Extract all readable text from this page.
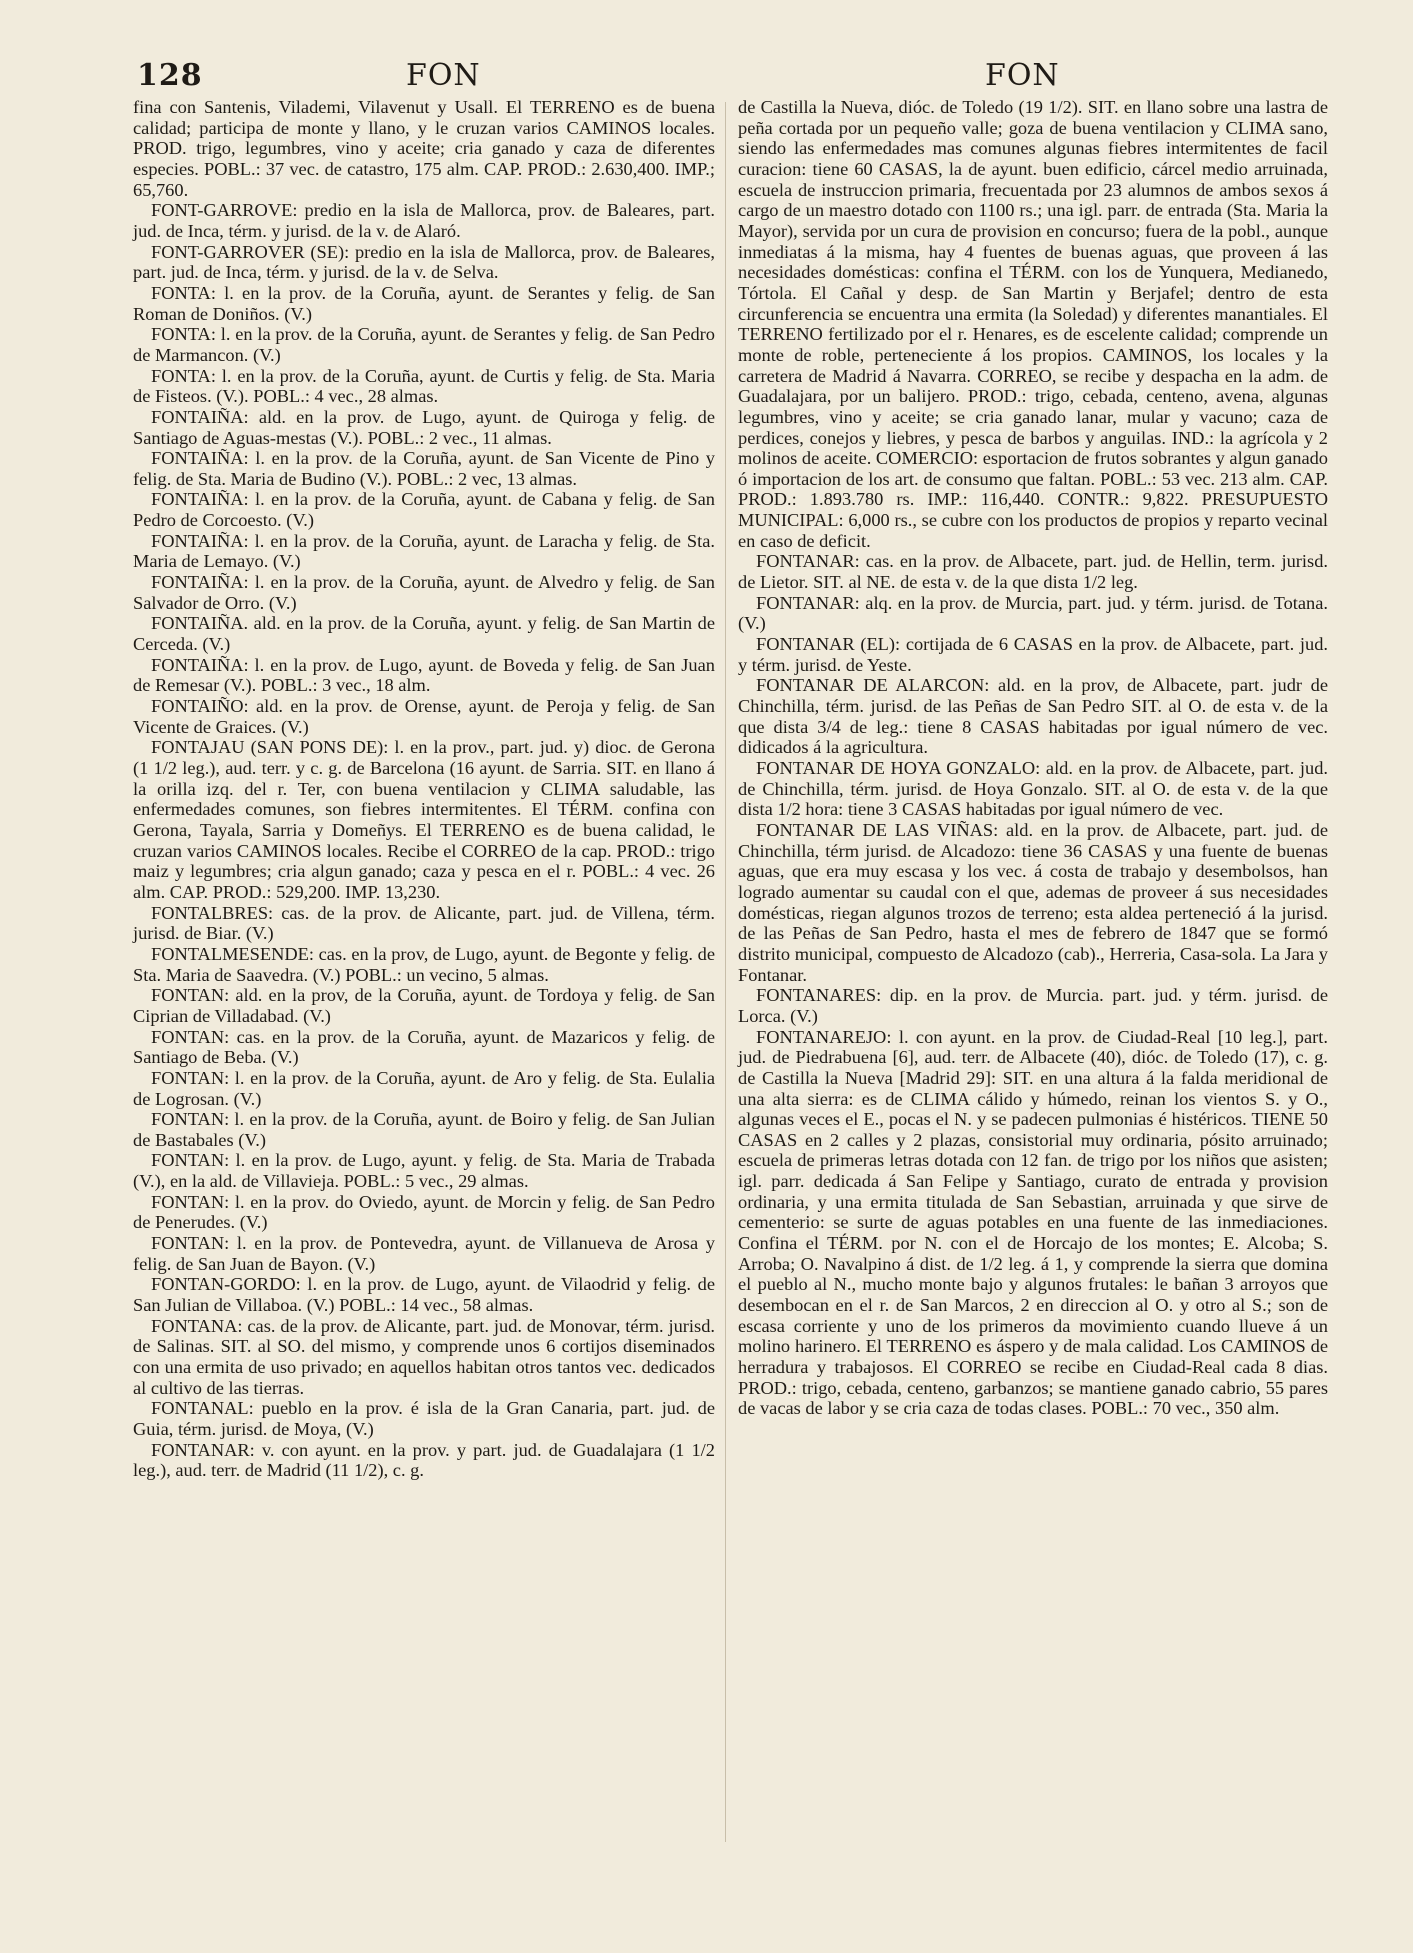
128	FON	FON

fina con Santenis, Vilademi, Vilavenut y Usall. El TERRENO es de buena calidad; participa de monte y llano, y le cruzan varios CAMINOS locales. PROD. trigo, legumbres, vino y aceite; cria ganado y caza de diferentes especies. POBL.: 37 vec. de catastro, 175 alm. CAP. PROD.: 2.630,400. IMP.; 65,760.

FONT-GARROVE: predio en la isla de Mallorca, prov. de Baleares, part. jud. de Inca, térm. y jurisd. de la v. de Alaró.

FONT-GARROVER (SE): predio en la isla de Mallorca, prov. de Baleares, part. jud. de Inca, térm. y jurisd. de la v. de Selva.

FONTA: l. en la prov. de la Coruña, ayunt. de Serantes y felig. de San Roman de Doniños. (V.)

FONTA: l. en la prov. de la Coruña, ayunt. de Serantes y felig. de San Pedro de Marmancon. (V.)

FONTA: l. en la prov. de la Coruña, ayunt. de Curtis y felig. de Sta. Maria de Fisteos. (V.). POBL.: 4 vec., 28 almas.

FONTAIÑA: ald. en la prov. de Lugo, ayunt. de Quiroga y felig. de Santiago de Aguas-mestas (V.). POBL.: 2 vec., 11 almas.

FONTAIÑA: l. en la prov. de la Coruña, ayunt. de San Vicente de Pino y felig. de Sta. Maria de Budino (V.). POBL.: 2 vec, 13 almas.

FONTAIÑA: l. en la prov. de la Coruña, ayunt. de Cabana y felig. de San Pedro de Corcoesto. (V.)

FONTAIÑA: l. en la prov. de la Coruña, ayunt. de Laracha y felig. de Sta. Maria de Lemayo. (V.)

FONTAIÑA: l. en la prov. de la Coruña, ayunt. de Alvedro y felig. de San Salvador de Orro. (V.)

FONTAIÑA. ald. en la prov. de la Coruña, ayunt. y felig. de San Martin de Cerceda. (V.)

FONTAIÑA: l. en la prov. de Lugo, ayunt. de Boveda y felig. de San Juan de Remesar (V.). POBL.: 3 vec., 18 alm.

FONTAIÑO: ald. en la prov. de Orense, ayunt. de Peroja y felig. de San Vicente de Graices. (V.)

FONTAJAU (SAN PONS DE): l. en la prov., part. jud. y) dioc. de Gerona (1 1/2 leg.), aud. terr. y c. g. de Barcelona (16 ayunt. de Sarria. SIT. en llano á la orilla izq. del r. Ter, con buena ventilacion y CLIMA saludable, las enfermedades comunes, son fiebres intermitentes. El TÉRM. confina con Gerona, Tayala, Sarria y Domeñys. El TERRENO es de buena calidad, le cruzan varios CAMINOS locales. Recibe el CORREO de la cap. PROD.: trigo maiz y legumbres; cria algun ganado; caza y pesca en el r. POBL.: 4 vec. 26 alm. CAP. PROD.: 529,200. IMP. 13,230.

FONTALBRES: cas. de la prov. de Alicante, part. jud. de Villena, térm. jurisd. de Biar. (V.)

FONTALMESENDE: cas. en la prov, de Lugo, ayunt. de Begonte y felig. de Sta. Maria de Saavedra. (V.) POBL.: un vecino, 5 almas.

FONTAN: ald. en la prov, de la Coruña, ayunt. de Tordoya y felig. de San Ciprian de Villadabad. (V.)

FONTAN: cas. en la prov. de la Coruña, ayunt. de Mazaricos y felig. de Santiago de Beba. (V.)

FONTAN: l. en la prov. de la Coruña, ayunt. de Aro y felig. de Sta. Eulalia de Logrosan. (V.)

FONTAN: l. en la prov. de la Coruña, ayunt. de Boiro y felig. de San Julian de Bastabales (V.)

FONTAN: l. en la prov. de Lugo, ayunt. y felig. de Sta. Maria de Trabada (V.), en la ald. de Villavieja. POBL.: 5 vec., 29 almas.

FONTAN: l. en la prov. do Oviedo, ayunt. de Morcin y felig. de San Pedro de Penerudes. (V.)

FONTAN: l. en la prov. de Pontevedra, ayunt. de Villanueva de Arosa y felig. de San Juan de Bayon. (V.)

FONTAN-GORDO: l. en la prov. de Lugo, ayunt. de Vilaodrid y felig. de San Julian de Villaboa. (V.) POBL.: 14 vec., 58 almas.

FONTANA: cas. de la prov. de Alicante, part. jud. de Monovar, térm. jurisd. de Salinas. SIT. al SO. del mismo, y comprende unos 6 cortijos diseminados con una ermita de uso privado; en aquellos habitan otros tantos vec. dedicados al cultivo de las tierras.

FONTANAL: pueblo en la prov. é isla de la Gran Canaria, part. jud. de Guia, térm. jurisd. de Moya, (V.)

FONTANAR: v. con ayunt. en la prov. y part. jud. de Guadalajara (1 1/2 leg.), aud. terr. de Madrid (11 1/2), c. g.

de Castilla la Nueva, dióc. de Toledo (19 1/2). SIT. en llano sobre una lastra de peña cortada por un pequeño valle; goza de buena ventilacion y CLIMA sano, siendo las enfermedades mas comunes algunas fiebres intermitentes de facil curacion: tiene 60 CASAS, la de ayunt. buen edificio, cárcel medio arruinada, escuela de instruccion primaria, frecuentada por 23 alumnos de ambos sexos á cargo de un maestro dotado con 1100 rs.; una igl. parr. de entrada (Sta. Maria la Mayor), servida por un cura de provision en concurso; fuera de la pobl., aunque inmediatas á la misma, hay 4 fuentes de buenas aguas, que proveen á las necesidades domésticas: confina el TÉRM. con los de Yunquera, Medianedo, Tórtola. El Cañal y desp. de San Martin y Berjafel; dentro de esta circunferencia se encuentra una ermita (la Soledad) y diferentes manantiales. El TERRENO fertilizado por el r. Henares, es de escelente calidad; comprende un monte de roble, perteneciente á los propios. CAMINOS, los locales y la carretera de Madrid á Navarra. CORREO, se recibe y despacha en la adm. de Guadalajara, por un balijero. PROD.: trigo, cebada, centeno, avena, algunas legumbres, vino y aceite; se cria ganado lanar, mular y vacuno; caza de perdices, conejos y liebres, y pesca de barbos y anguilas. IND.: la agrícola y 2 molinos de aceite. COMERCIO: esportacion de frutos sobrantes y algun ganado ó importacion de los art. de consumo que faltan. POBL.: 53 vec. 213 alm. CAP. PROD.: 1.893.780 rs. IMP.: 116,440. CONTR.: 9,822. PRESUPUESTO MUNICIPAL: 6,000 rs., se cubre con los productos de propios y reparto vecinal en caso de deficit.

FONTANAR: cas. en la prov. de Albacete, part. jud. de Hellin, term. jurisd. de Lietor. SIT. al NE. de esta v. de la que dista 1/2 leg.

FONTANAR: alq. en la prov. de Murcia, part. jud. y térm. jurisd. de Totana. (V.)

FONTANAR (EL): cortijada de 6 CASAS en la prov. de Albacete, part. jud. y térm. jurisd. de Yeste.

FONTANAR DE ALARCON: ald. en la prov, de Albacete, part. judr de Chinchilla, térm. jurisd. de las Peñas de San Pedro SIT. al O. de esta v. de la que dista 3/4 de leg.: tiene 8 CASAS habitadas por igual número de vec. didicados á la agricultura.

FONTANAR DE HOYA GONZALO: ald. en la prov. de Albacete, part. jud. de Chinchilla, térm. jurisd. de Hoya Gonzalo. SIT. al O. de esta v. de la que dista 1/2 hora: tiene 3 CASAS habitadas por igual número de vec.

FONTANAR DE LAS VIÑAS: ald. en la prov. de Albacete, part. jud. de Chinchilla, térm jurisd. de Alcadozo: tiene 36 CASAS y una fuente de buenas aguas, que era muy escasa y los vec. á costa de trabajo y desembolsos, han logrado aumentar su caudal con el que, ademas de proveer á sus necesidades domésticas, riegan algunos trozos de terreno; esta aldea perteneció á la jurisd. de las Peñas de San Pedro, hasta el mes de febrero de 1847 que se formó distrito municipal, compuesto de Alcadozo (cab)., Herreria, Casa-sola. La Jara y Fontanar.

FONTANARES: dip. en la prov. de Murcia. part. jud. y térm. jurisd. de Lorca. (V.)

FONTANAREJO: l. con ayunt. en la prov. de Ciudad-Real [10 leg.], part. jud. de Piedrabuena [6], aud. terr. de Albacete (40), dióc. de Toledo (17), c. g. de Castilla la Nueva [Madrid 29]: SIT. en una altura á la falda meridional de una alta sierra: es de CLIMA cálido y húmedo, reinan los vientos S. y O., algunas veces el E., pocas el N. y se padecen pulmonias é histéricos. TIENE 50 CASAS en 2 calles y 2 plazas, consistorial muy ordinaria, pósito arruinado; escuela de primeras letras dotada con 12 fan. de trigo por los niños que asisten; igl. parr. dedicada á San Felipe y Santiago, curato de entrada y provision ordinaria, y una ermita titulada de San Sebastian, arruinada y que sirve de cementerio: se surte de aguas potables en una fuente de las inmediaciones. Confina el TÉRM. por N. con el de Horcajo de los montes; E. Alcoba; S. Arroba; O. Navalpino á dist. de 1/2 leg. á 1, y comprende la sierra que domina el pueblo al N., mucho monte bajo y algunos frutales: le bañan 3 arroyos que desembocan en el r. de San Marcos, 2 en direccion al O. y otro al S.; son de escasa corriente y uno de los primeros da movimiento cuando llueve á un molino harinero. El TERRENO es áspero y de mala calidad. Los CAMINOS de herradura y trabajosos. El CORREO se recibe en Ciudad-Real cada 8 dias. PROD.: trigo, cebada, centeno, garbanzos; se mantiene ganado cabrio, 55 pares de vacas de labor y se cria caza de todas clases. POBL.: 70 vec., 350 alm.
